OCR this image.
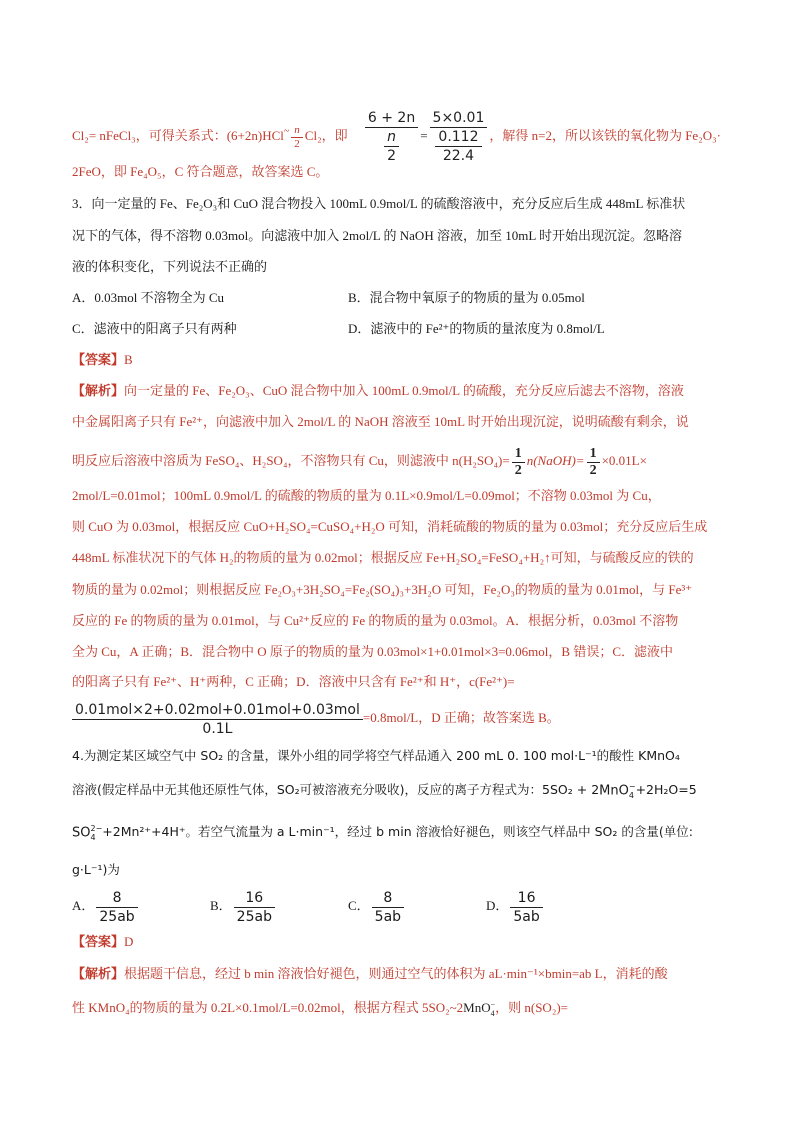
Cl₂= nFeCl₃，可得关系式：$(6+2n)HCl^\sim \frac{n}{2} Cl_2$，即 $\frac{6 + 2n}{\frac{n}{2}} = \frac{5\times 0.01}{\frac{0.112}{22.4}}$ ，解得 n=2，所以该铁的氧化物为 Fe₂O₃·
2FeO，即 Fe₄O₅，C 符合题意，故答案选 C。
3．向一定量的 Fe、Fe₂O₃和 CuO 混合物投入 100mL 0.9mol/L 的硫酸溶液中，充分反应后生成 448mL 标准状
况下的气体，得不溶物 0.03mol。向滤液中加入 2mol/L 的 NaOH 溶液，加至 10mL 时开始出现沉淀。忽略溶
液的体积变化，下列说法不正确的
A．0.03mol 不溶物全为 Cu	B．混合物中氧原子的物质的量为 0.05mol
C．滤液中的阳离子只有两种	D．滤液中的 Fe²⁺的物质的量浓度为 0.8mol/L
【答案】B
【解析】向一定量的 Fe、Fe₂O₃、CuO 混合物中加入 100mL 0.9mol/L 的硫酸，充分反应后滤去不溶物，溶液
中金属阳离子只有 Fe²⁺，向滤液中加入 2mol/L 的 NaOH 溶液至 10mL 时开始出现沉淀，说明硫酸有剩余，说
明反应后溶液中溶质为 FeSO₄、H₂SO₄，不溶物只有 Cu，则滤液中 $n(H_2SO_4)= \frac{1}{2}$ n(NaOH)= $\frac{1}{2} \times 0.01L\times$
2mol/L=0.01mol；100mL 0.9mol/L 的硫酸的物质的量为 0.1L×0.9mol/L=0.09mol；不溶物 0.03mol 为 Cu，
则 CuO 为 0.03mol，根据反应 CuO+H₂SO₄=CuSO₄+H₂O 可知，消耗硫酸的物质的量为 0.03mol；充分反应后生成
448mL 标准状况下的气体 H₂的物质的量为 0.02mol；根据反应 Fe+H₂SO₄=FeSO₄+H₂↑可知，与硫酸反应的铁的
物质的量为 0.02mol；则根据反应 Fe₂O₃+3H₂SO₄=Fe₂(SO₄)₃+3H₂O 可知，Fe₂O₃的物质的量为 0.01mol，与 Fe³⁺
反应的 Fe 的物质的量为 0.01mol，与 Cu²⁺反应的 Fe 的物质的量为 0.03mol。A．根据分析，0.03mol 不溶物
全为 Cu，A 正确；B．混合物中 O 原子的物质的量为 0.03mol×1+0.01mol×3=0.06mol，B 错误；C．滤液中
的阳离子只有 Fe²⁺、H⁺两种，C 正确；D．溶液中只含有 Fe²⁺和 H⁺，c(Fe²⁺)=
$\frac{\text{0.01mol×2+0.02mol+0.01mol+0.03mol}}{0.1L} =0.8mol/L$，D 正确；故答案选 B。
4.为测定某区域空气中 SO₂ 的含量，课外小组的同学将空气样品通入 200 mL 0. 100 mol·L⁻¹的酸性 KMnO₄
溶液(假定样品中无其他还原性气体，SO₂可被溶液充分吸收)，反应的离子方程式为：5SO₂ + 2MnO −
4 +2H₂O=5
SO 2−
4 +2Mn²⁺+4H⁺。若空气流量为 a L·min⁻¹，经过 b min 溶液恰好褪色，则该空气样品中 SO₂ 的含量(单位:
g·L⁻¹)为
A． $\frac{8}{25ab}$	B． $\frac{16}{25ab}$	C． $\frac{8}{5ab}$	D． $\frac{16}{5ab}$
【答案】D
【解析】根据题干信息，经过 b min 溶液恰好褪色，则通过空气的体积为 aL·min⁻¹×bmin=ab L，消耗的酸
性 KMnO₄的物质的量为 0.2L×0.1mol/L=0.02mol，根据方程式 5SO₂~2MnO −
4 ，则 n(SO₂)=
